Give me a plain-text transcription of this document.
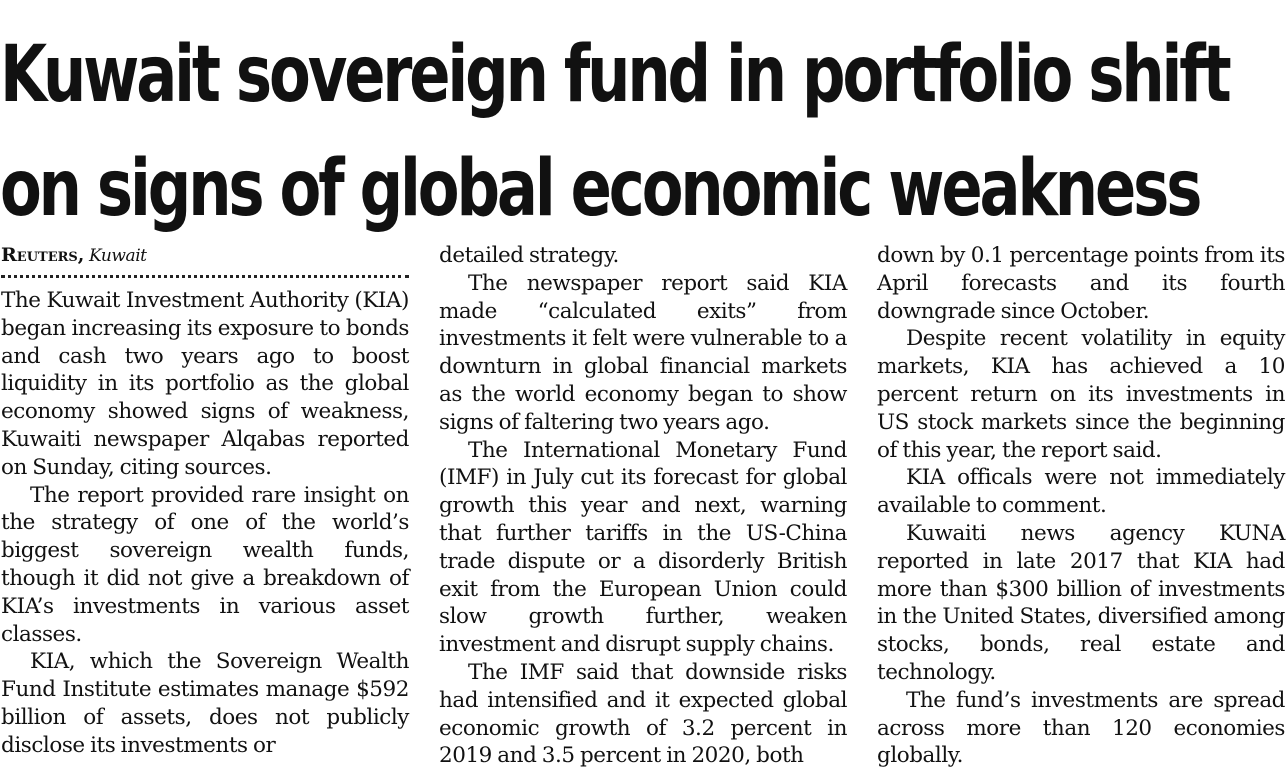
Kuwait sovereign fund in portfolio shift
on signs of global economic weakness
Reuters, Kuwait

The Kuwait Investment Authority (KIA) began increasing its exposure to bonds and cash two years ago to boost liquidity in its portfolio as the global economy showed signs of weakness, Kuwaiti newspaper Alqabas reported on Sunday, citing sources.

The report provided rare insight on the strategy of one of the world’s biggest sovereign wealth funds, though it did not give a breakdown of KIA’s investments in various asset classes.

KIA, which the Sovereign Wealth Fund Institute estimates manage $592 billion of assets, does not publicly disclose its investments or

detailed strategy.

The newspaper report said KIA made “calculated exits” from investments it felt were vulnerable to a downturn in global financial markets as the world economy began to show signs of faltering two years ago.

The International Monetary Fund (IMF) in July cut its forecast for global growth this year and next, warning that further tariffs in the US-China trade dispute or a disorderly British exit from the European Union could slow growth further, weaken investment and disrupt supply chains.

The IMF said that downside risks had intensified and it expected global economic growth of 3.2 percent in 2019 and 3.5 percent in 2020, both

down by 0.1 percentage points from its April forecasts and its fourth downgrade since October.

Despite recent volatility in equity markets, KIA has achieved a 10 percent return on its investments in US stock markets since the beginning of this year, the report said.

KIA officals were not immediately available to comment.

Kuwaiti news agency KUNA reported in late 2017 that KIA had more than $300 billion of investments in the United States, diversified among stocks, bonds, real estate and technology.

The fund’s investments are spread across more than 120 economies globally.
